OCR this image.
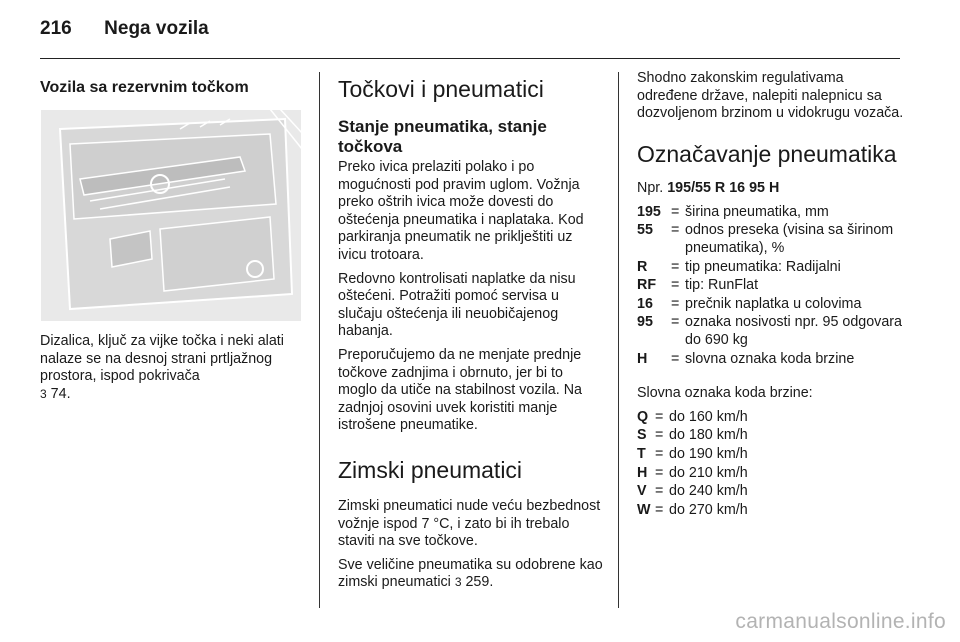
216 Nega vozila
Vozila sa rezervnim točkom

Dizalica, ključ za vijke točka i neki alati nalaze se na desnoj strani prtljažnog prostora, ispod pokrivača
3 74.

Točkovi i pneumatici
Stanje pneumatika, stanje točkova

Preko ivica prelaziti polako i po mogućnosti pod pravim uglom. Vožnja preko oštrih ivica može dovesti do oštećenja pneumatika i naplataka. Kod parkiranja pneumatik ne priklještiti uz ivicu trotoara.

Redovno kontrolisati naplatke da nisu oštećeni. Potražiti pomoć servisa u slučaju oštećenja ili neuobičajenog habanja.

Preporučujemo da ne menjate prednje točkove zadnjima i obrnuto, jer bi to moglo da utiče na stabilnost vozila. Na zadnjoj osovini uvek koristiti manje istrošene pneumatike.

Zimski pneumatici

Zimski pneumatici nude veću bezbednost vožnje ispod 7 °C, i zato bi ih trebalo staviti na sve točkove.

Sve veličine pneumatika su odobrene kao zimski pneumatici 3 259.

Shodno zakonskim regulativama određene države, nalepiti nalepnicu sa dozvoljenom brzinom u vidokrugu vozača.

Označavanje pneumatika
Npr. 195/55 R 16 95 H
195 = širina pneumatika, mm
55	= odnos preseka (visina sa širinom pneumatika), %
R	= tip pneumatika: Radijalni
RF	= tip: RunFlat
16	= prečnik naplatka u colovima
95	= oznaka nosivosti npr. 95 odgovara do 690 kg
H	= slovna oznaka koda brzine

Slovna oznaka koda brzine:

Q = do 160 km/h
S = do 180 km/h
T = do 190 km/h
H = do 210 km/h
V = do 240 km/h
W = do 270 km/h
carmanualsonline.info
